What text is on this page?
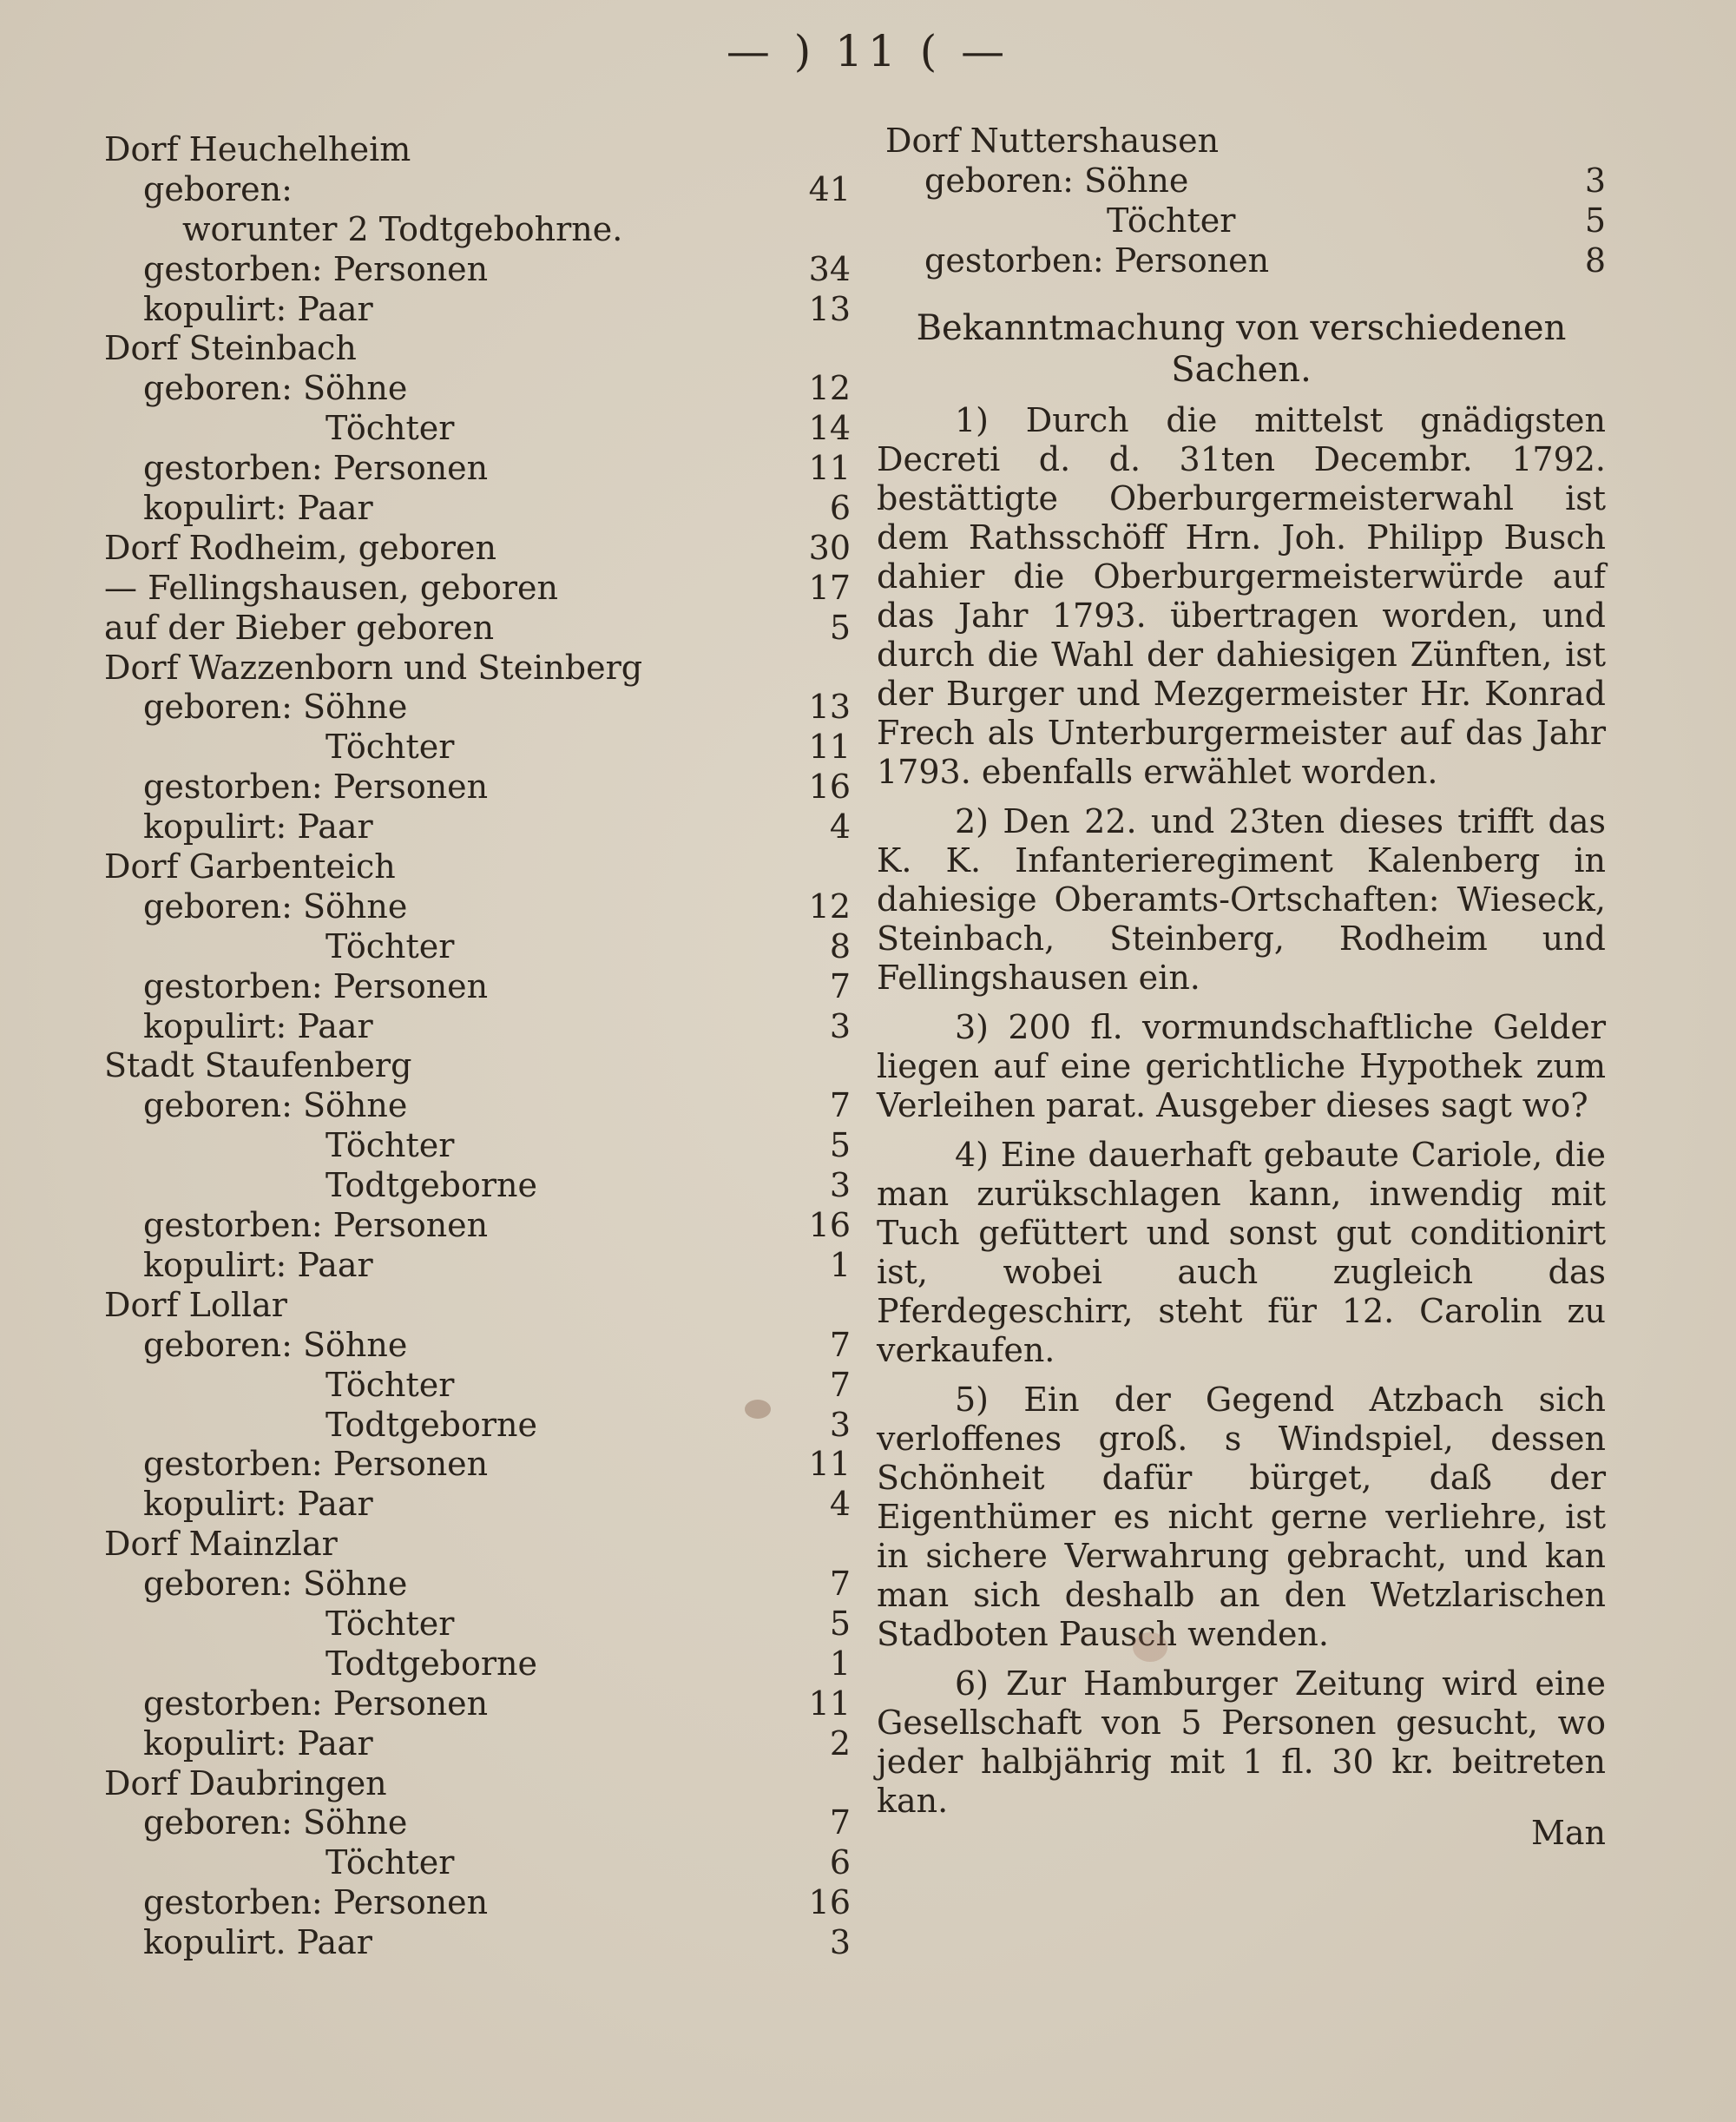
— ) 11 ( —
Dorf Heuchelheim
geboren:	41
worunter 2 Todtgebohrne.
gestorben: Personen	34
kopulirt: Paar	13
Dorf Steinbach
geboren: Söhne	12
Töchter	14
gestorben: Personen	11
kopulirt: Paar	6
Dorf Rodheim, geboren	30
— Fellingshausen, geboren	17
auf der Bieber geboren	5
Dorf Wazzenborn und Steinberg
geboren: Söhne	13
Töchter	11
gestorben: Personen	16
kopulirt: Paar	4
Dorf Garbenteich
geboren: Söhne	12
Töchter	8
gestorben: Personen	7
kopulirt: Paar	3
Stadt Staufenberg
geboren: Söhne	7
Töchter	5
Todtgeborne	3
gestorben: Personen	16
kopulirt: Paar	1
Dorf Lollar
geboren: Söhne	7
Töchter	7
Todtgeborne	3
gestorben: Personen	11
kopulirt: Paar	4
Dorf Mainzlar
geboren: Söhne	7
Töchter	5
Todtgeborne	1
gestorben: Personen	11
kopulirt: Paar	2
Dorf Daubringen
geboren: Söhne	7
Töchter	6
gestorben: Personen	16
kopulirt. Paar	3
Dorf Nuttershausen
geboren: Söhne	3
Töchter	5
gestorben: Personen	8
Bekanntmachung von verschiedenen Sachen.
1) Durch die mittelst gnädigsten Decreti d. d. 31ten Decembr. 1792. bestättigte Oberburgermeisterwahl ist dem Rathsschöff Hrn. Joh. Philipp Busch dahier die Oberburgermeisterwürde auf das Jahr 1793. übertragen worden, und durch die Wahl der dahiesigen Zünften, ist der Burger und Mezgermeister Hr. Konrad Frech als Unterburgermeister auf das Jahr 1793. ebenfalls erwählet worden.
2) Den 22. und 23ten dieses trifft das K. K. Infanterieregiment Kalenberg in dahiesige Oberamts-Ortschaften: Wieseck, Steinbach, Steinberg, Rodheim und Fellingshausen ein.
3) 200 fl. vormundschaftliche Gelder liegen auf eine gerichtliche Hypothek zum Verleihen parat. Ausgeber dieses sagt wo?
4) Eine dauerhaft gebaute Cariole, die man zurükschlagen kann, inwendig mit Tuch gefüttert und sonst gut conditionirt ist, wobei auch zugleich das Pferdegeschirr, steht für 12. Carolin zu verkaufen.
5) Ein der Gegend Atzbach sich verloffenes groß. s Windspiel, dessen Schönheit dafür bürget, daß der Eigenthümer es nicht gerne verliehre, ist in sichere Verwahrung gebracht, und kan man sich deshalb an den Wetzlarischen Stadboten Pausch wenden.
6) Zur Hamburger Zeitung wird eine Gesellschaft von 5 Personen gesucht, wo jeder halbjährig mit 1 fl. 30 kr. beitreten kan.
Man
